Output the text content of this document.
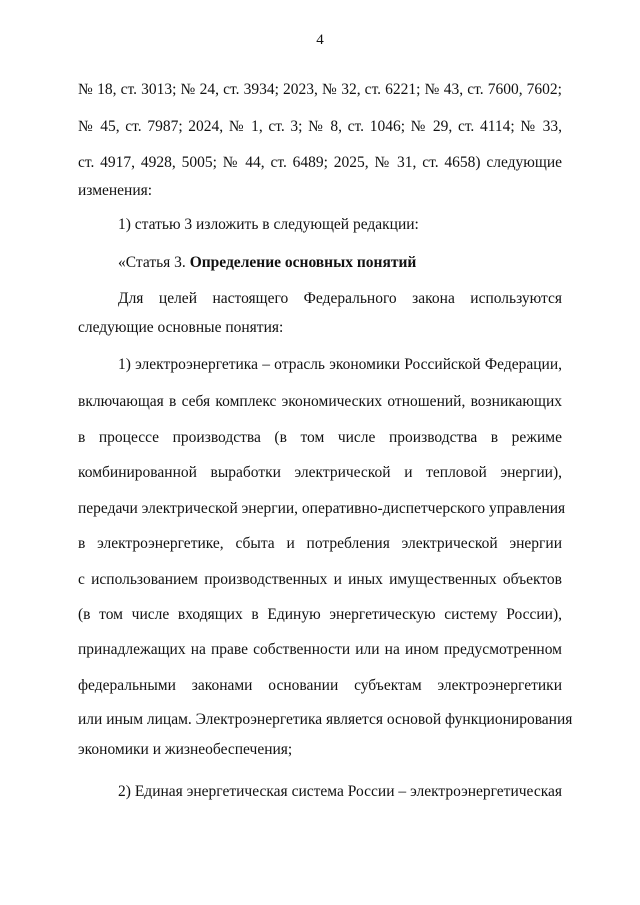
4
№ 18, ст. 3013; № 24, ст. 3934; 2023, № 32, ст. 6221; № 43, ст. 7600, 7602;
№ 45, ст. 7987; 2024, № 1, ст. 3; № 8, ст. 1046; № 29, ст. 4114; № 33,
ст. 4917, 4928, 5005; № 44, ст. 6489; 2025, № 31, ст. 4658) следующие
изменения:
1) статью 3 изложить в следующей редакции:
«Статья 3. Определение основных понятий
Для целей настоящего Федерального закона используются
следующие основные понятия:
1) электроэнергетика – отрасль экономики Российской Федерации,
включающая в себя комплекс экономических отношений, возникающих
в процессе производства (в том числе производства в режиме
комбинированной выработки электрической и тепловой энергии),
передачи электрической энергии, оперативно-диспетчерского управления
в электроэнергетике, сбыта и потребления электрической энергии
с использованием производственных и иных имущественных объектов
(в том числе входящих в Единую энергетическую систему России),
принадлежащих на праве собственности или на ином предусмотренном
федеральными законами основании субъектам электроэнергетики
или иным лицам. Электроэнергетика является основой функционирования
экономики и жизнеобеспечения;
2) Единая энергетическая система России – электроэнергетическая
